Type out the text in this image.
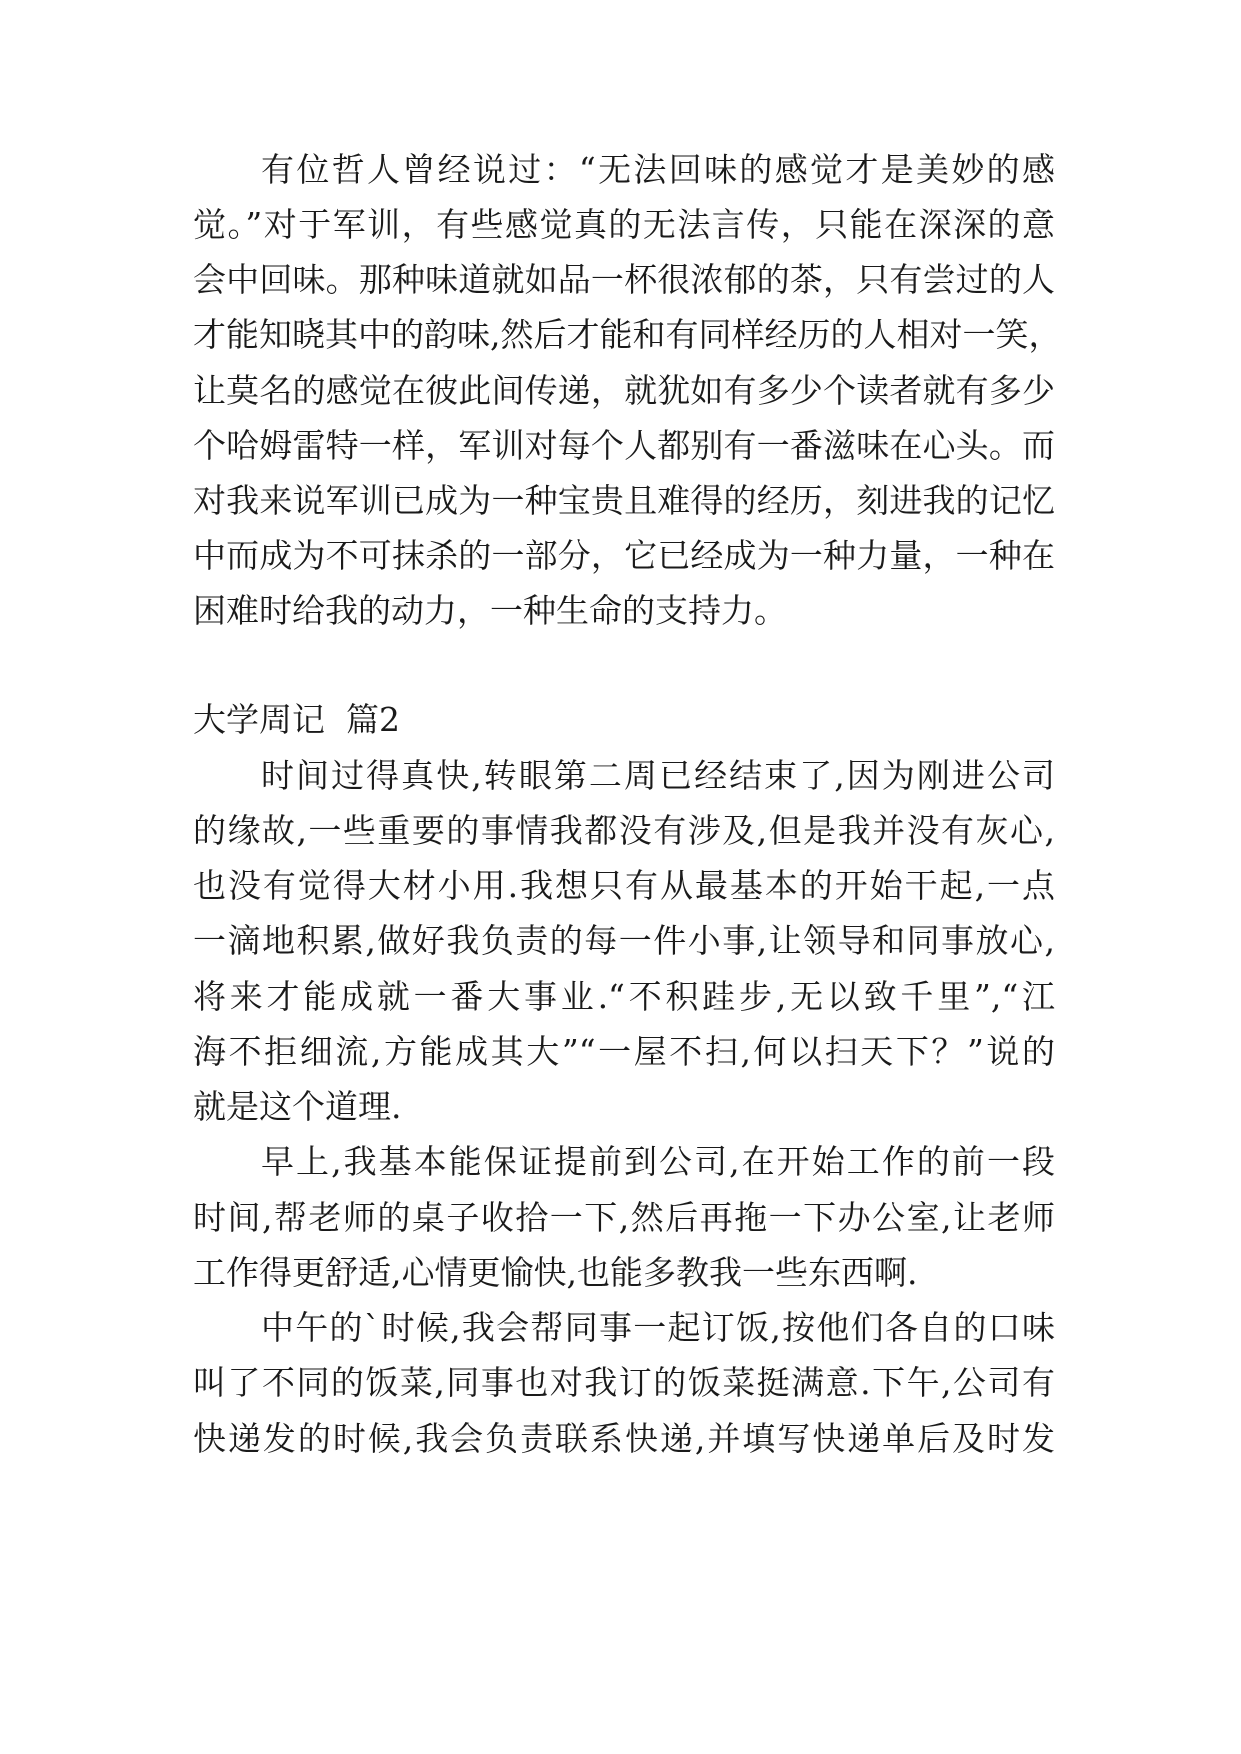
有位哲人曾经说过：“无法回味的感觉才是美妙的感
觉。”对于军训，有些感觉真的无法言传，只能在深深的意
会中回味。那种味道就如品一杯很浓郁的茶，只有尝过的人
才能知晓其中的韵味,然后才能和有同样经历的人相对一笑，
让莫名的感觉在彼此间传递，就犹如有多少个读者就有多少
个哈姆雷特一样，军训对每个人都别有一番滋味在心头。而
对我来说军训已成为一种宝贵且难得的经历，刻进我的记忆
中而成为不可抹杀的一部分，它已经成为一种力量，一种在
困难时给我的动力，一种生命的支持力。
大学周记  篇2
时间过得真快,转眼第二周已经结束了,因为刚进公司
的缘故,一些重要的事情我都没有涉及,但是我并没有灰心,
也没有觉得大材小用.我想只有从最基本的开始干起,一点
一滴地积累,做好我负责的每一件小事,让领导和同事放心,
将来才能成就一番大事业.“不积跬步,无以致千里”,“江
海不拒细流,方能成其大”“一屋不扫,何以扫天下？”说的
就是这个道理.
早上,我基本能保证提前到公司,在开始工作的前一段
时间,帮老师的桌子收拾一下,然后再拖一下办公室,让老师
工作得更舒适,心情更愉快,也能多教我一些东西啊.
中午的`时候,我会帮同事一起订饭,按他们各自的口味
叫了不同的饭菜,同事也对我订的饭菜挺满意.下午,公司有
快递发的时候,我会负责联系快递,并填写快递单后及时发
